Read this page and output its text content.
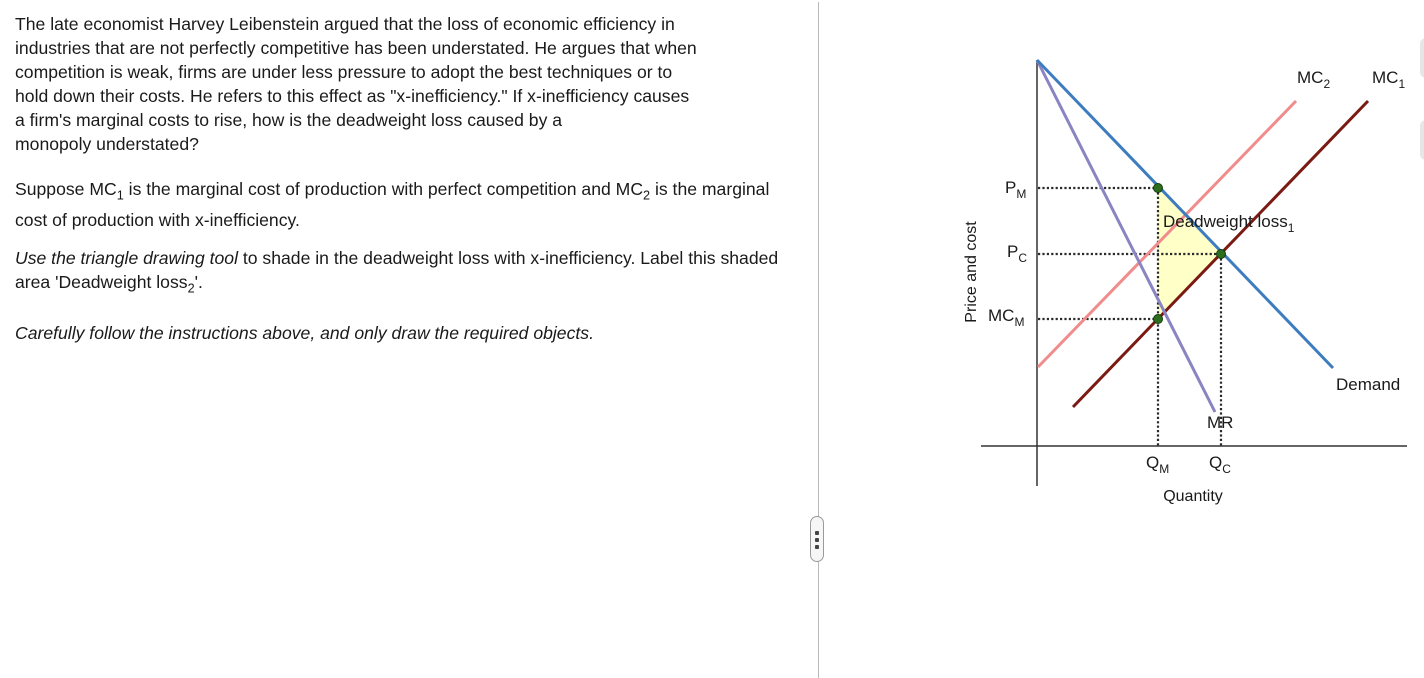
The late economist Harvey Leibenstein argued that the loss of economic efficiency in
industries that are not perfectly competitive has been understated. He argues that when
competition is weak, firms are under less pressure to adopt the best techniques or to
hold down their costs. He refers to this effect as "x-inefficiency." If x-inefficiency causes
a firm's marginal costs to rise, how is the deadweight loss caused by a
monopoly understated?

Suppose $MC_1$ is the marginal cost of production with perfect competition and $MC_2$ is the marginal cost of production with x-inefficiency.

Use the triangle drawing tool to shade in the deadweight loss with x-inefficiency. Label this shaded area 'Deadweight loss$_2$'.

Carefully follow the instructions above, and only draw the required objects.

Price and cost
Quantity
$P_M$
$P_C$
$MC_M$
$Q_M$ $Q_C$
$MC_2$ $MC_1$
Demand
MR
Deadweight loss$_1$
